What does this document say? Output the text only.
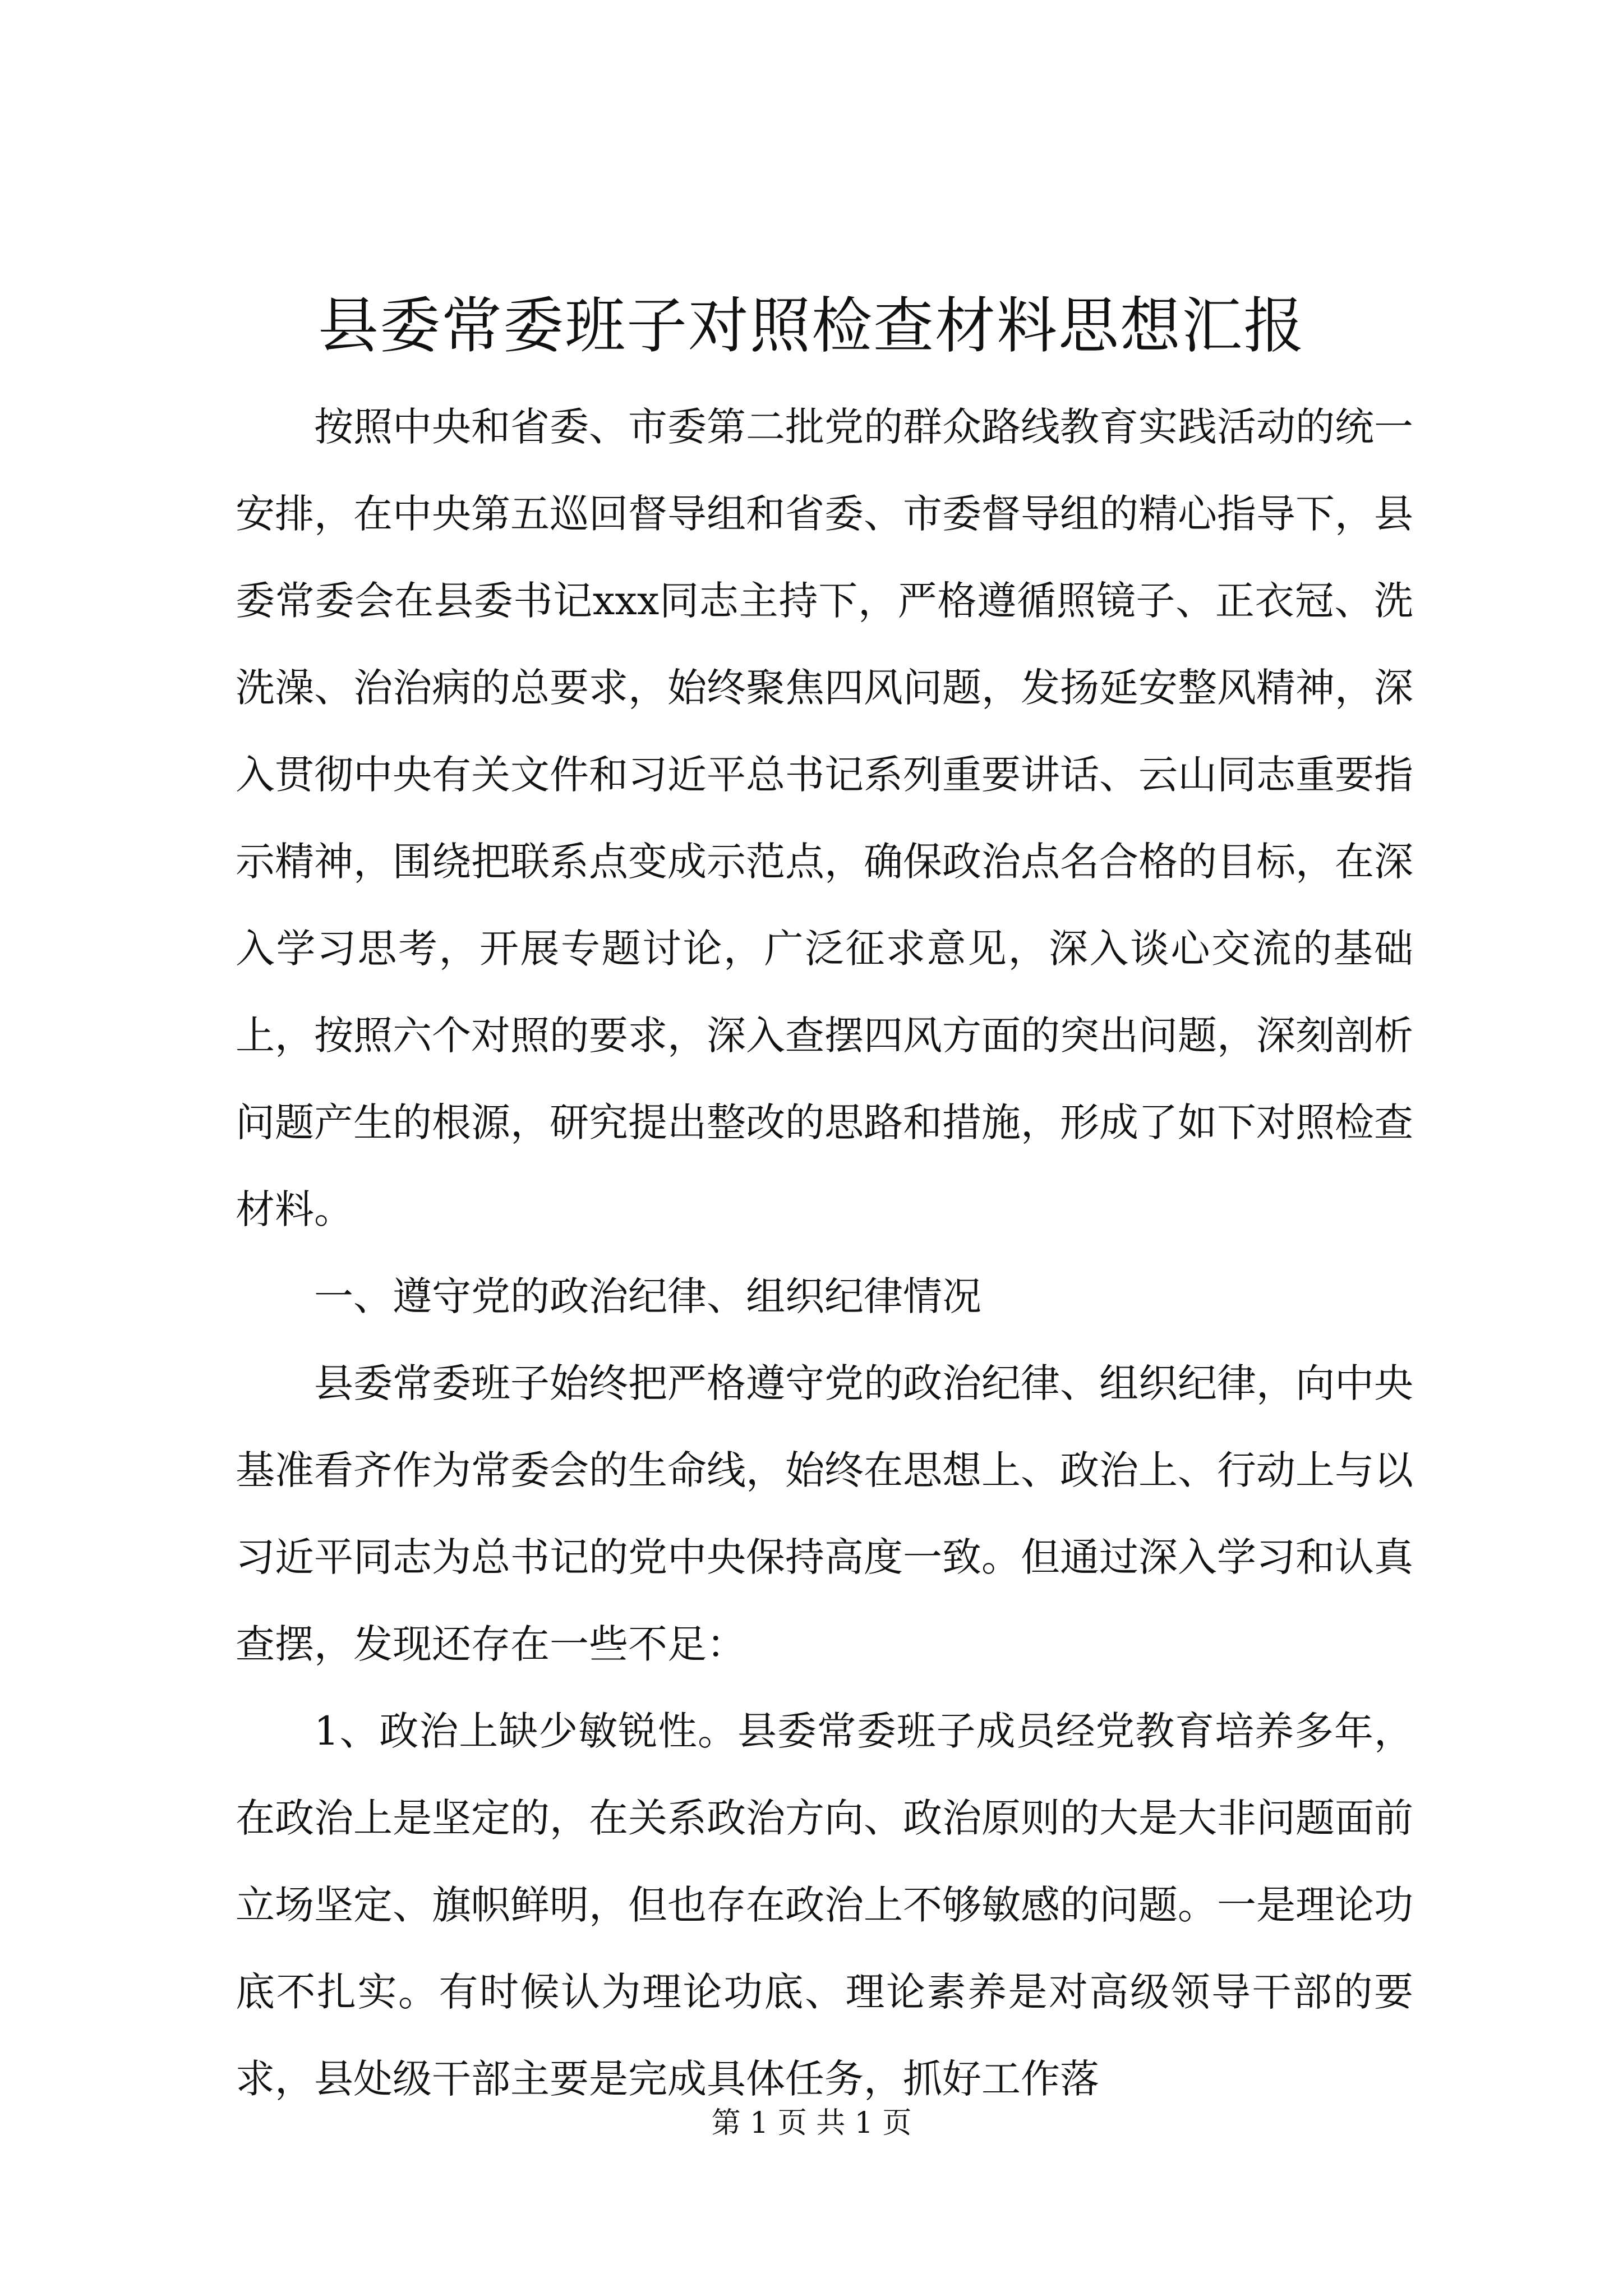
县委常委班子对照检查材料思想汇报

按照中央和省委、市委第二批党的群众路线教育实践活动的统一安排，在中央第五巡回督导组和省委、市委督导组的精心指导下，县委常委会在县委书记xxx同志主持下，严格遵循照镜子、正衣冠、洗洗澡、治治病的总要求，始终聚焦四风问题，发扬延安整风精神，深入贯彻中央有关文件和习近平总书记系列重要讲话、云山同志重要指示精神，围绕把联系点变成示范点，确保政治点名合格的目标，在深入学习思考，开展专题讨论，广泛征求意见，深入谈心交流的基础上，按照六个对照的要求，深入查摆四风方面的突出问题，深刻剖析问题产生的根源，研究提出整改的思路和措施，形成了如下对照检查材料。

一、遵守党的政治纪律、组织纪律情况

县委常委班子始终把严格遵守党的政治纪律、组织纪律，向中央基准看齐作为常委会的生命线，始终在思想上、政治上、行动上与以习近平同志为总书记的党中央保持高度一致。但通过深入学习和认真查摆，发现还存在一些不足：

1、政治上缺少敏锐性。县委常委班子成员经党教育培养多年，在政治上是坚定的，在关系政治方向、政治原则的大是大非问题面前立场坚定、旗帜鲜明，但也存在政治上不够敏感的问题。一是理论功底不扎实。有时候认为理论功底、理论素养是对高级领导干部的要求，县处级干部主要是完成具体任务，抓好工作落

第 1 页 共 1 页
